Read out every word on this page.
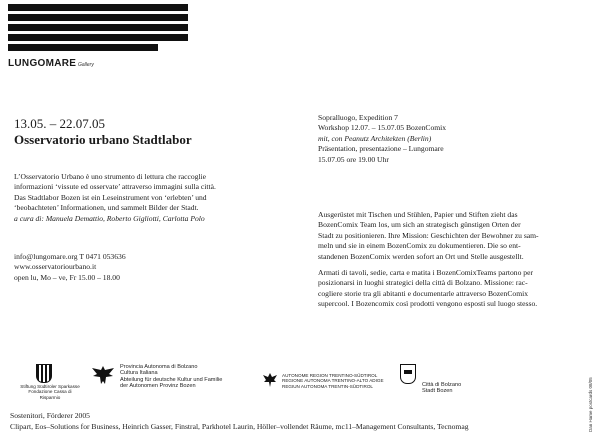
LUNGOMARE Gallery
13.05. – 22.07.05
Osservatorio urbano Stadtlabor
L’Osservatorio Urbano è uno strumento di lettura che raccoglie
informazioni ‘vissute ed osservate’ attraverso immagini sulla città.
Das Stadtlabor Bozen ist ein Leseinstrument von ‘erlebten’ und
‘beobachteten’ Informationen, und sammelt Bilder der Stadt.
a cura di: Manuela Demattio, Roberto Gigliotti, Carlotta Polo
info@lungomare.org T 0471 053636
www.osservatoriourbano.it
open lu, Mo – ve, Fr 15.00 – 18.00
Sopralluogo, Expedition 7
Workshop 12.07. – 15.07.05 BozenComix
mit, con Peanutz Architekten (Berlin)
Präsentation, presentazione – Lungomare
15.07.05 ore 19.00 Uhr
Ausgerüstet mit Tischen und Stühlen, Papier und Stiften zieht das
BozenComix Team los, um sich an strategisch günstigen Orten der
Stadt zu positionieren. Ihre Mission: Geschichten der Bewohner zu sam-
meln und sie in einem BozenComix zu dokumentieren. Die so ent-
standenen BozenComix werden sofort an Ort und Stelle ausgestellt.
Armati di tavoli, sedie, carta e matita i BozenComixTeams partono per
posizionarsi in luoghi strategici della città di Bolzano. Missione: rac-
cogliere storie tra gli abitanti e documentarle attraverso BozenComix
supercool. I Bozencomix così prodotti vengono esposti sul luogo stesso.
Stiftung Südtiroler Sparkasse
Fondazione Cassa di Risparmio
Provincia Autonoma di Bolzano
Cultura Italiana
Abteilung für deutsche Kultur und Familie
der Autonomen Provinz Bozen
AUTONOME REGION TRENTINO-SÜDTIROL
REGIONE AUTONOMA TRENTINO-ALTO ADIGE
REGIUN AUTONOMA TRENTIN-SÜDTIROL	Città di Bolzano
Stadt Bozen
Sostenitori, Förderer 2005
Clipart, Eos–Solutions for Business, Heinrich Gasser, Finstral, Parkhotel Laurin, Höller–vollendet Räume, mc11–Management Consultants, Tecnomag	Dan Hame postcards 08/05
